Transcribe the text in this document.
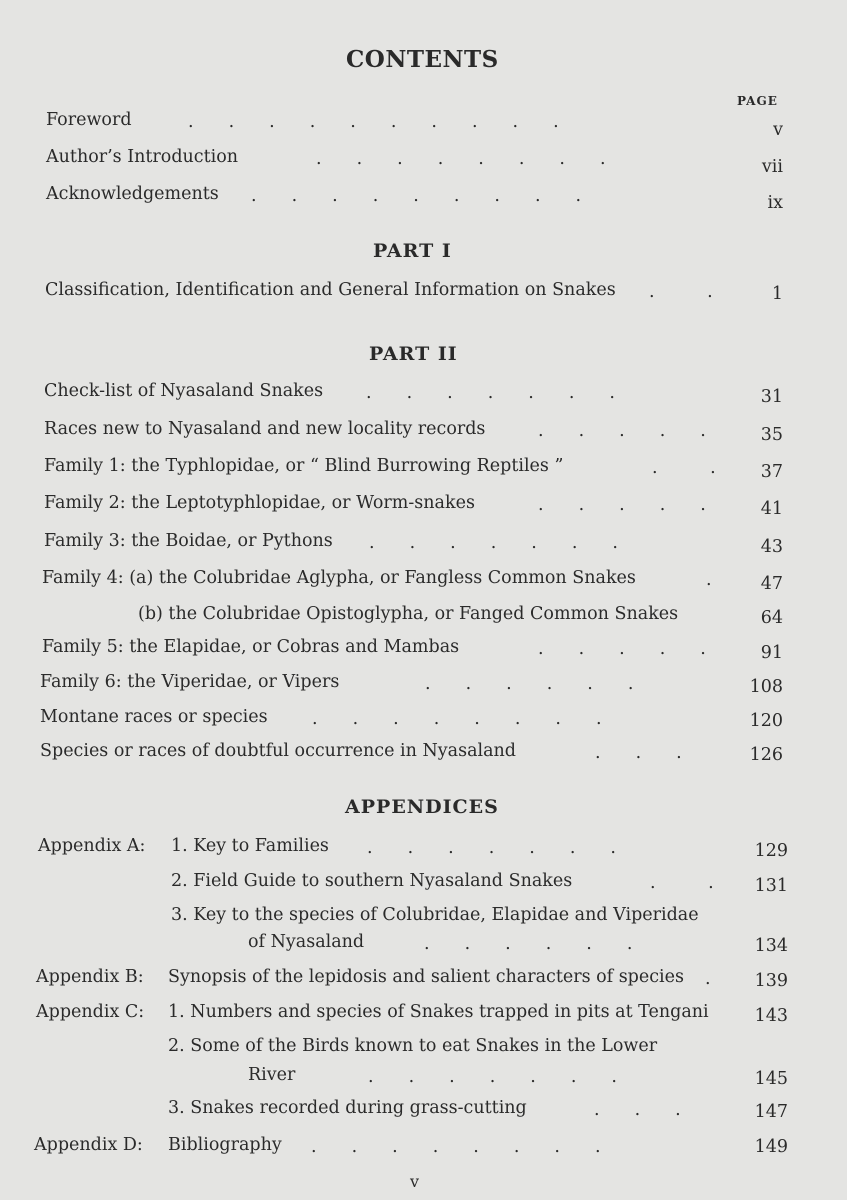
CONTENTS
PAGE
Foreword	.  .  .  .  .  .  .  .  .  .	v
Author’s Introduction	.  .  .  .  .  .  .  .	vii
Acknowledgements .  .  .  .  .  .  .  .  .	ix
PART I
Classification, Identification and General Information on Snakes .   .	1
PART II
Check-list of Nyasaland Snakes .  .  .  .  .  .  .	31
Races new to Nyasaland and new locality records	.  .  .  .  .	35
Family 1: the Typhlopidae, or “ Blind Burrowing Reptiles ”	.   .	37
Family 2: the Leptotyphlopidae, or Worm-snakes	.  .  .  .  .	41
Family 3: the Boidae, or Pythons .  .  .  .  .  .  .	43
Family 4: (a) the Colubridae Aglypha, or Fangless Common Snakes	.	47
(b) the Colubridae Opistoglypha, or Fanged Common Snakes	64
Family 5: the Elapidae, or Cobras and Mambas	.  .  .  .  .	91
Family 6: the Viperidae, or Vipers	.  .  .  .  .  .	108
Montane races or species	.  .  .  .  .  .  .  .	120
Species or races of doubtful occurrence in Nyasaland	.  .  .	126
APPENDICES
Appendix A: 1. Key to Families .  .  .  .  .  .  .	129
2. Field Guide to southern Nyasaland Snakes	.   .	131
3. Key to the species of Colubridae, Elapidae and Viperidae
of Nyasaland	.  .  .  .  .  .	134
Appendix B: Synopsis of the lepidosis and salient characters of species .	139
Appendix C: 1. Numbers and species of Snakes trapped in pits at Tengani	143
2. Some of the Birds known to eat Snakes in the Lower
River	.  .  .  .  .  .  .	145
3. Snakes recorded during grass-cutting	.  .  .	147
Appendix D: Bibliography .  .  .  .  .  .  .  .	149
v
